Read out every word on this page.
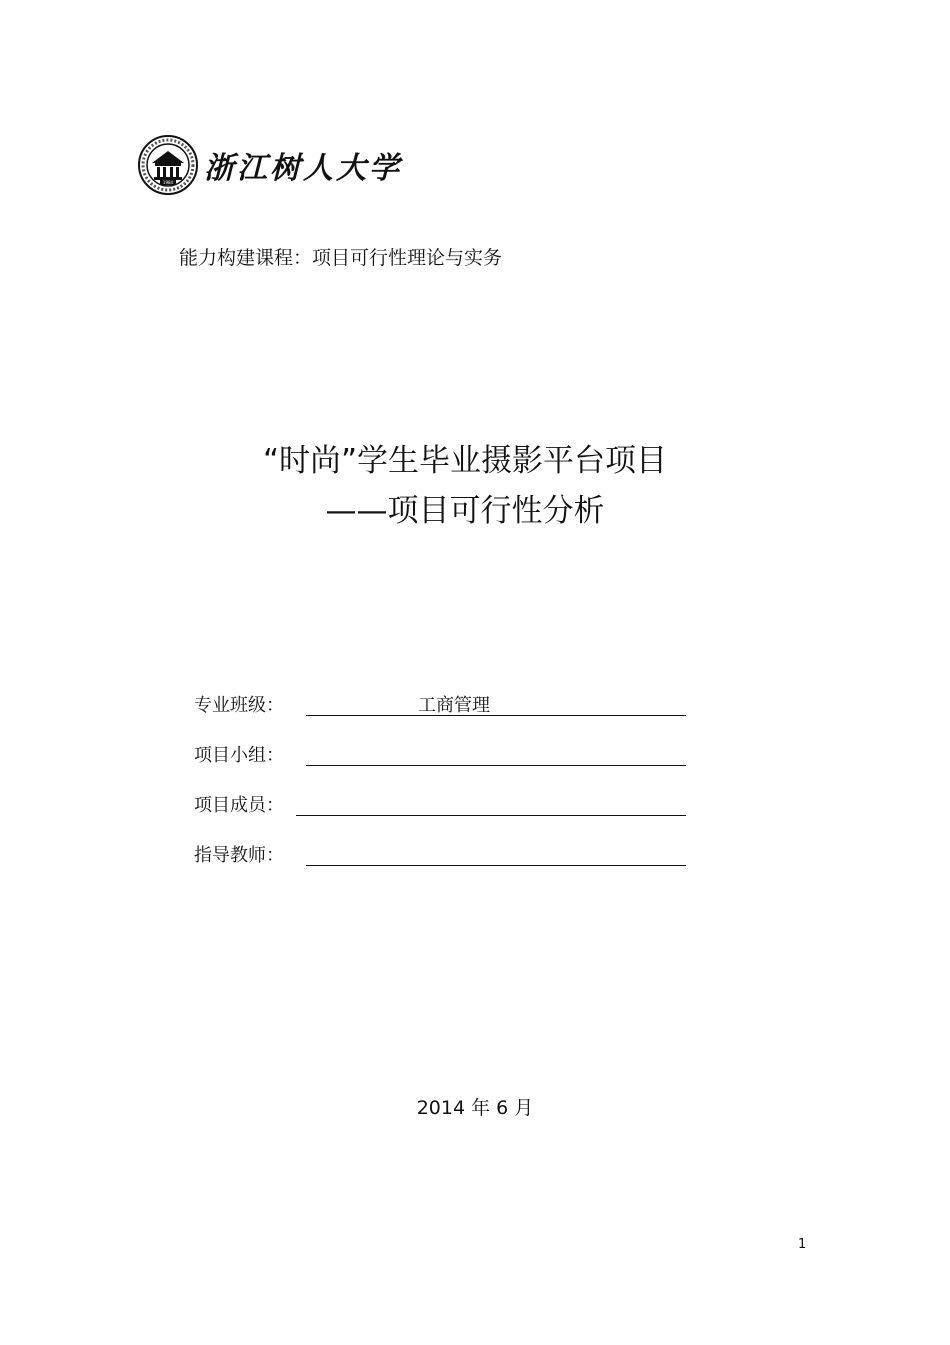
1984 浙江树人大学
能力构建课程：项目可行性理论与实务
“时尚”学生毕业摄影平台项目
——项目可行性分析
专业班级：	工商管理
项目小组：
项目成员：
指导教师：
2014 年 6 月
1
